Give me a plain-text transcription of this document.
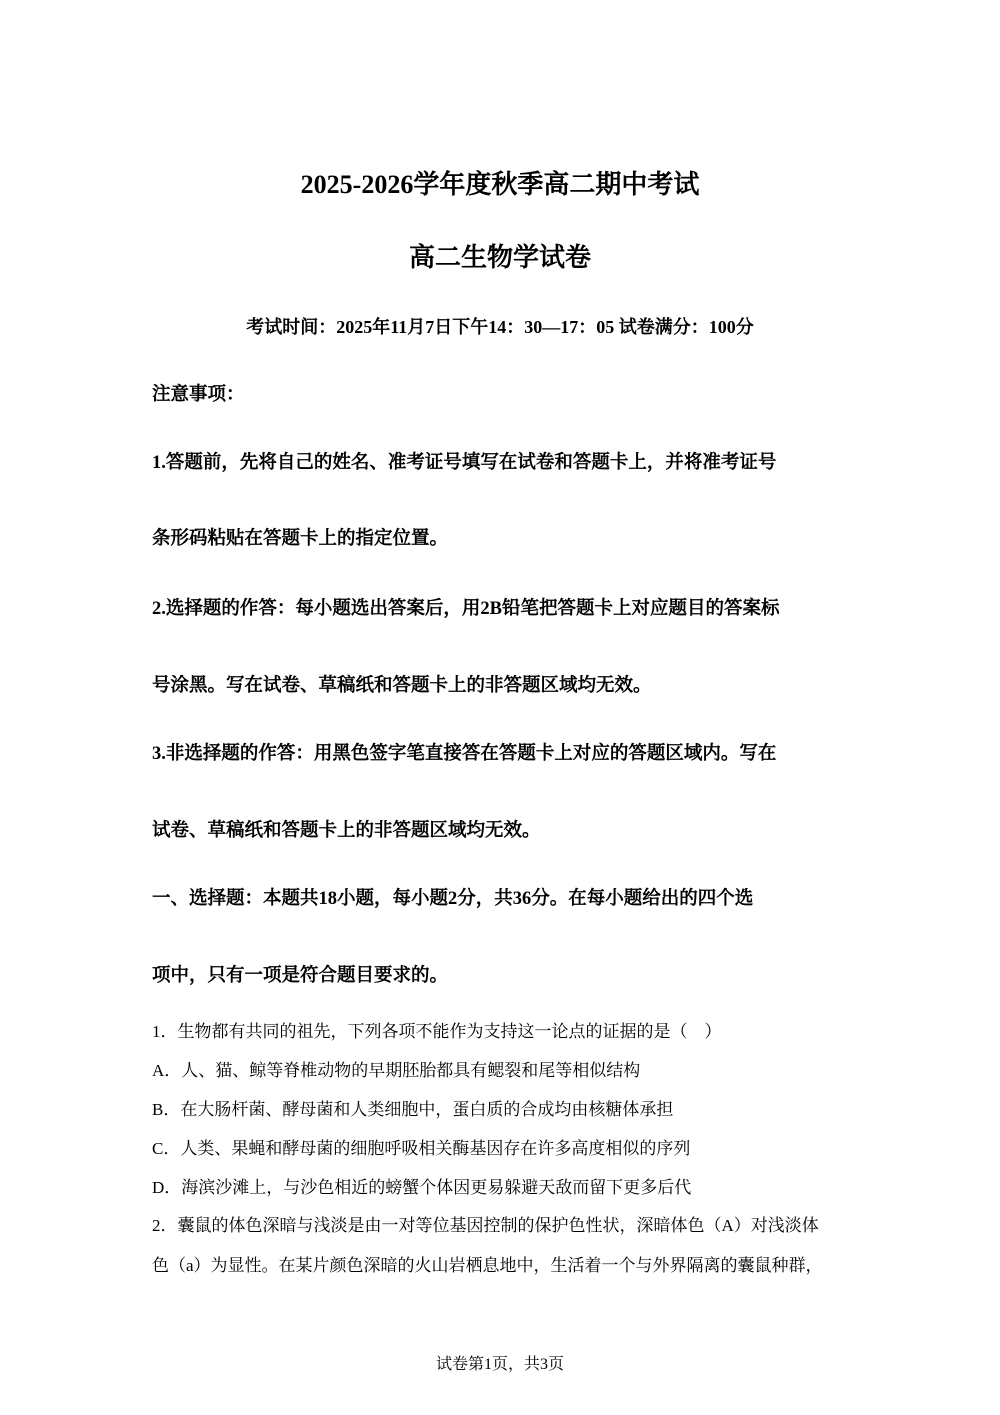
2025-2026学年度秋季高二期中考试
高二生物学试卷
考试时间：2025年11月7日下午14：30—17：05 试卷满分：100分
注意事项：
1.答题前，先将自己的姓名、准考证号填写在试卷和答题卡上，并将准考证号
条形码粘贴在答题卡上的指定位置。
2.选择题的作答：每小题选出答案后，用2B铅笔把答题卡上对应题目的答案标
号涂黑。写在试卷、草稿纸和答题卡上的非答题区域均无效。
3.非选择题的作答：用黑色签字笔直接答在答题卡上对应的答题区域内。写在
试卷、草稿纸和答题卡上的非答题区域均无效。
一、选择题：本题共18小题，每小题2分，共36分。在每小题给出的四个选
项中，只有一项是符合题目要求的。
1．生物都有共同的祖先，下列各项不能作为支持这一论点的证据的是（　）
A．人、猫、鲸等脊椎动物的早期胚胎都具有鳃裂和尾等相似结构
B．在大肠杆菌、酵母菌和人类细胞中，蛋白质的合成均由核糖体承担
C．人类、果蝇和酵母菌的细胞呼吸相关酶基因存在许多高度相似的序列
D．海滨沙滩上，与沙色相近的螃蟹个体因更易躲避天敌而留下更多后代
2．囊鼠的体色深暗与浅淡是由一对等位基因控制的保护色性状，深暗体色（A）对浅淡体
色（a）为显性。在某片颜色深暗的火山岩栖息地中，生活着一个与外界隔离的囊鼠种群，
试卷第1页，共3页
